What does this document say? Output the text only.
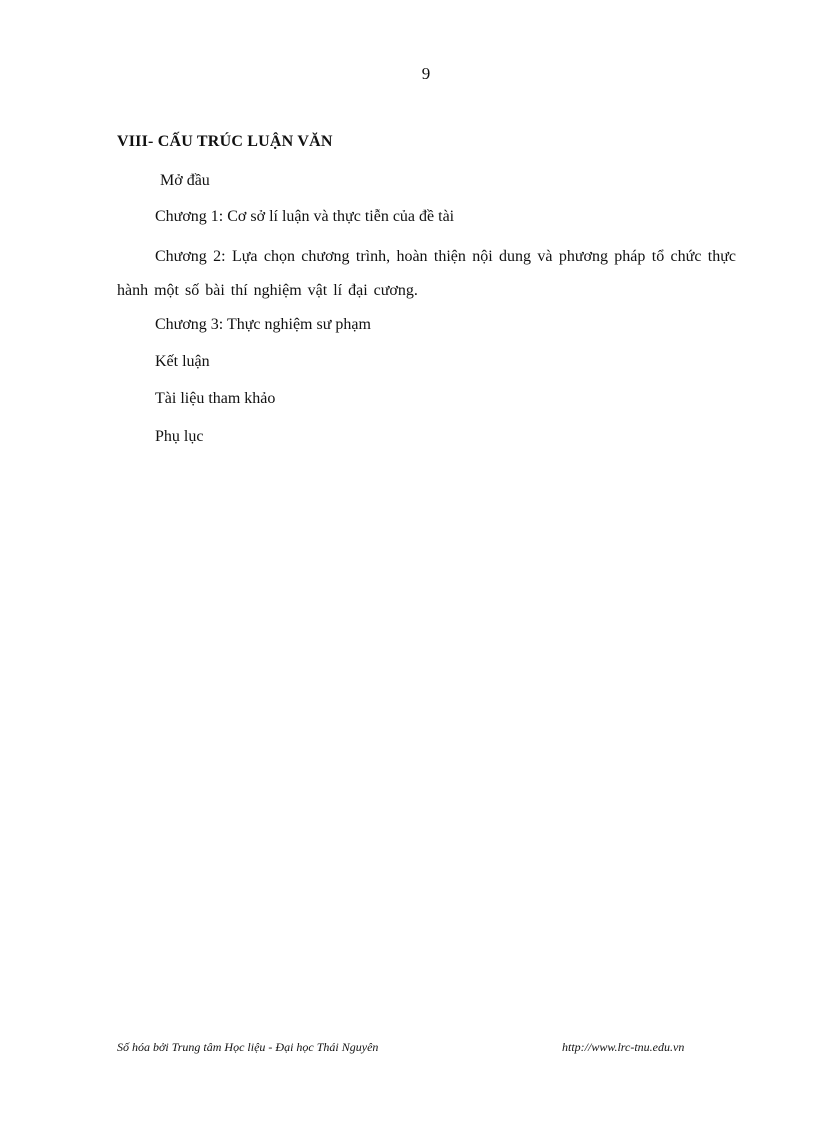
9
VIII- CẤU TRÚC LUẬN VĂN
Mở đầu
Chương 1: Cơ sở lí luận và thực tiễn của đề tài
Chương 2: Lựa chọn chương trình, hoàn thiện nội dung và phương pháp tổ chức thực hành một số bài thí nghiệm vật lí đại cương.
Chương 3: Thực nghiệm sư phạm
Kết luận
Tài liệu tham khảo
Phụ lục
Số hóa bởi Trung tâm Học liệu - Đại học Thái Nguyên	http://www.lrc-tnu.edu.vn
